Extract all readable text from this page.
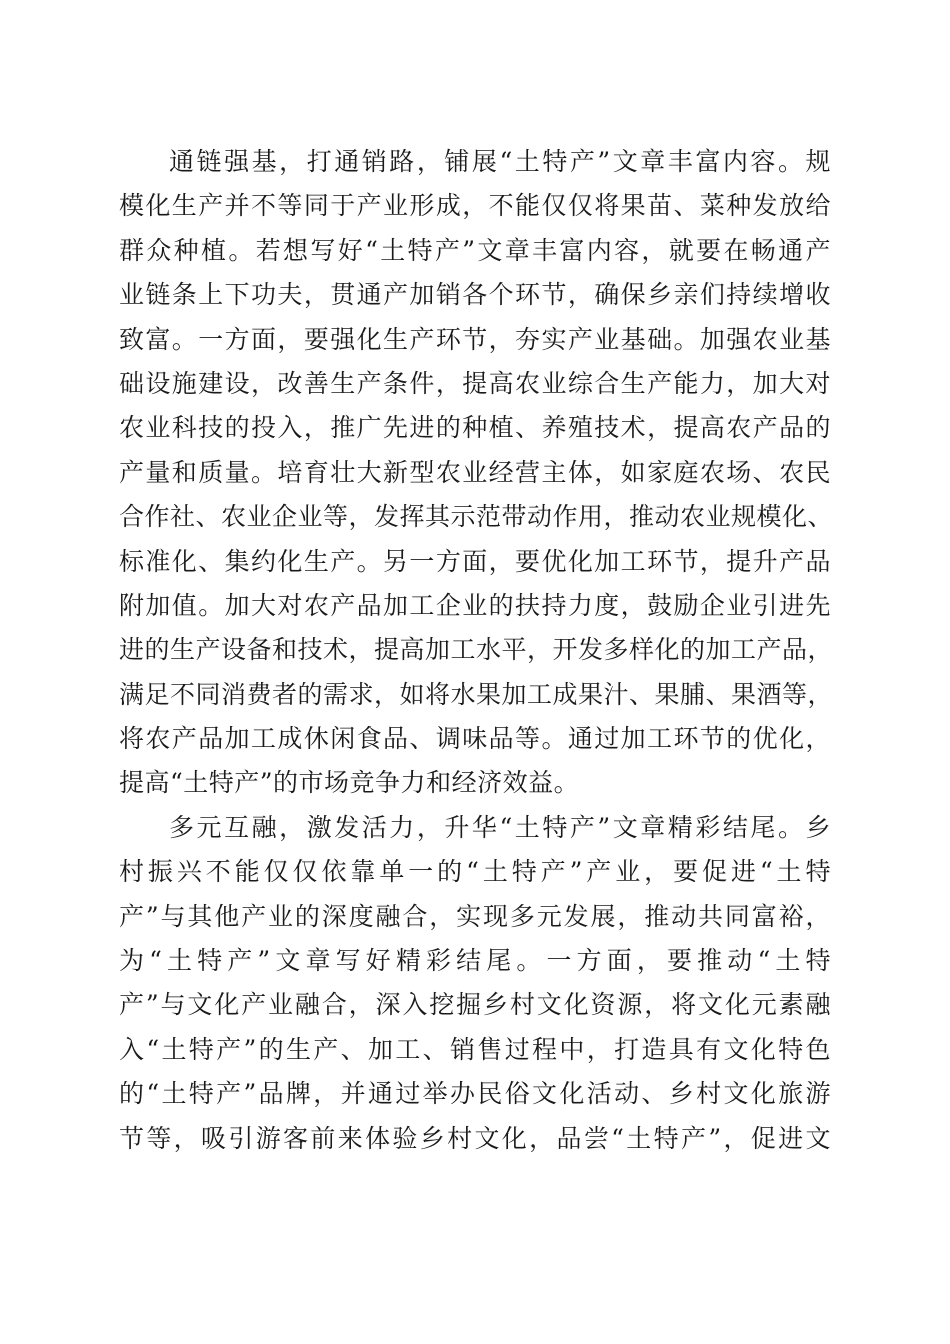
通链强基，打通销路，铺展“土特产”文章丰富内容。规
模化生产并不等同于产业形成，不能仅仅将果苗、菜种发放给
群众种植。若想写好“土特产”文章丰富内容，就要在畅通产
业链条上下功夫，贯通产加销各个环节，确保乡亲们持续增收
致富。一方面，要强化生产环节，夯实产业基础。加强农业基
础设施建设，改善生产条件，提高农业综合生产能力，加大对
农业科技的投入，推广先进的种植、养殖技术，提高农产品的
产量和质量。培育壮大新型农业经营主体，如家庭农场、农民
合作社、农业企业等，发挥其示范带动作用，推动农业规模化、
标准化、集约化生产。另一方面，要优化加工环节，提升产品
附加值。加大对农产品加工企业的扶持力度，鼓励企业引进先
进的生产设备和技术，提高加工水平，开发多样化的加工产品，
满足不同消费者的需求，如将水果加工成果汁、果脯、果酒等，
将农产品加工成休闲食品、调味品等。通过加工环节的优化，
提高“土特产”的市场竞争力和经济效益。
多元互融，激发活力，升华“土特产”文章精彩结尾。乡
村振兴不能仅仅依靠单一的“土特产”产业，要促进“土特
产”与其他产业的深度融合，实现多元发展，推动共同富裕，
为“土特产”文章写好精彩结尾。一方面，要推动“土特
产”与文化产业融合，深入挖掘乡村文化资源，将文化元素融
入“土特产”的生产、加工、销售过程中，打造具有文化特色
的“土特产”品牌，并通过举办民俗文化活动、乡村文化旅游
节等，吸引游客前来体验乡村文化，品尝“土特产”，促进文
